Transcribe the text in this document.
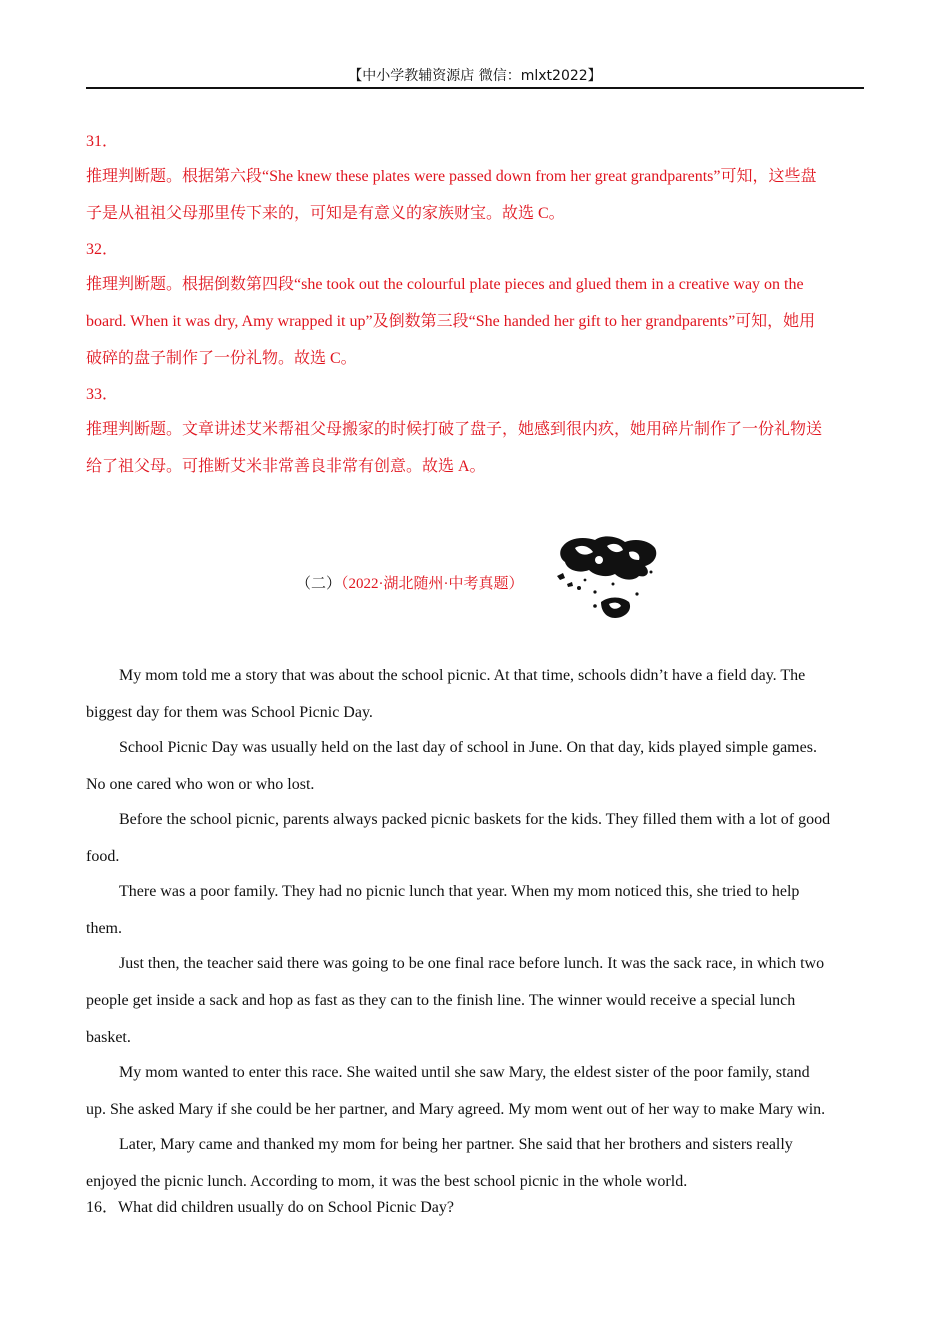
【中小学教辅资源店 微信：mlxt2022】
31．
推理判断题。根据第六段“She knew these plates were passed down from her great grandparents”可知，这些盘
子是从祖祖父母那里传下来的，可知是有意义的家族财宝。故选 C。
32．
推理判断题。根据倒数第四段“she took out the colourful plate pieces and glued them in a creative way on the
board. When it was dry, Amy wrapped it up”及倒数第三段“She handed her gift to her grandparents”可知，她用
破碎的盘子制作了一份礼物。故选 C。
33．
推理判断题。文章讲述艾米帮祖父母搬家的时候打破了盘子，她感到很内疚，她用碎片制作了一份礼物送
给了祖父母。可推断艾米非常善良非常有创意。故选 A。
（二）（2022·湖北随州·中考真题）
My mom told me a story that was about the school picnic. At that time, schools didn’t have a field day. The
biggest day for them was School Picnic Day.
School Picnic Day was usually held on the last day of school in June. On that day, kids played simple games.
No one cared who won or who lost.
Before the school picnic, parents always packed picnic baskets for the kids. They filled them with a lot of good
food.
There was a poor family. They had no picnic lunch that year. When my mom noticed this, she tried to help
them.
Just then, the teacher said there was going to be one final race before lunch. It was the sack race, in which two
people get inside a sack and hop as fast as they can to the finish line. The winner would receive a special lunch
basket.
My mom wanted to enter this race. She waited until she saw Mary, the eldest sister of the poor family, stand
up. She asked Mary if she could be her partner, and Mary agreed. My mom went out of her way to make Mary win.
Later, Mary came and thanked my mom for being her partner. She said that her brothers and sisters really
enjoyed the picnic lunch. According to mom, it was the best school picnic in the whole world.
16．What did children usually do on School Picnic Day?
